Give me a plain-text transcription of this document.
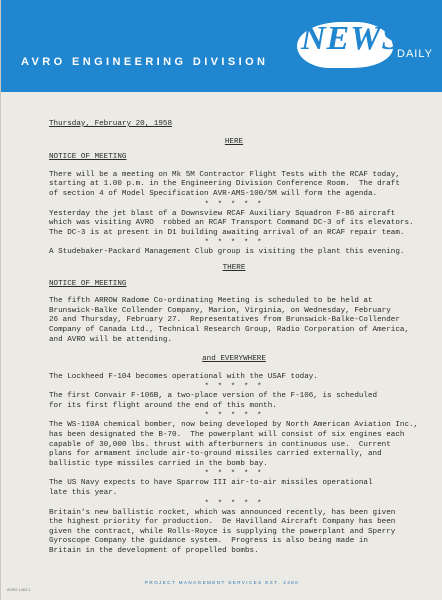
AVRO ENGINEERING DIVISION
NEWS
DAILY
Thursday, February 20, 1958
HERE
NOTICE OF MEETING

There will be a meeting on Mk 5M Contractor Flight Tests with the RCAF today,
starting at 1.00 p.m. in the Engineering Division Conference Room.  The draft
of section 4 of Model Specification AVR-AMS-100/5M will form the agenda.

* * * * *

Yesterday the jet blast of a Downsview RCAF Auxiliary Squadron F-86 aircraft
which was visiting AVRO  robbed an RCAF Transport Command DC-3 of its elevators.
The DC-3 is at present in D1 building awaiting arrival of an RCAF repair team.

* * * * *

A Studebaker-Packard Management Club group is visiting the plant this evening.

THERE
NOTICE OF MEETING

The fifth ARROW Radome Co-ordinating Meeting is scheduled to be held at
Brunswick-Balke Collender Company, Marion, Virginia, on Wednesday, February
26 and Thursday, February 27.  Representatives from Brunswick-Balke-Collender
Company of Canada Ltd., Technical Research Group, Radio Corporation of America,
and AVRO will be attending.

and EVERYWHERE

The Lockheed F-104 becomes operational with the USAF today.

* * * * *

The first Convair F-106B, a two-place version of the F-106, is scheduled
for its first flight around the end of this month.

* * * * *

The WS-110A chemical bomber, now being developed by North American Aviation Inc.,
has been designated the B-70.  The powerplant will consist of six engines each
capable of 30,000 lbs. thrust with afterburners in continuous use.  Current
plans for armament include air-to-ground missiles carried externally, and
ballistic type missiles carried in the bomb bay.

* * * * *

The US Navy expects to have Sparrow III air-to-air missiles operational
late this year.

* * * * *

Britain's new ballistic rocket, which was announced recently, has been given
the highest priority for production.  De Havilland Aircraft Company has been
given the contract, while Rolls-Royce is supplying the powerplant and Sperry
Gyroscope Company the guidance system.  Progress is also being made in
Britain in the development of propelled bombs.

PROJECT MANAGEMENT SERVICES EXT. 2480
AVRO 1463-1
